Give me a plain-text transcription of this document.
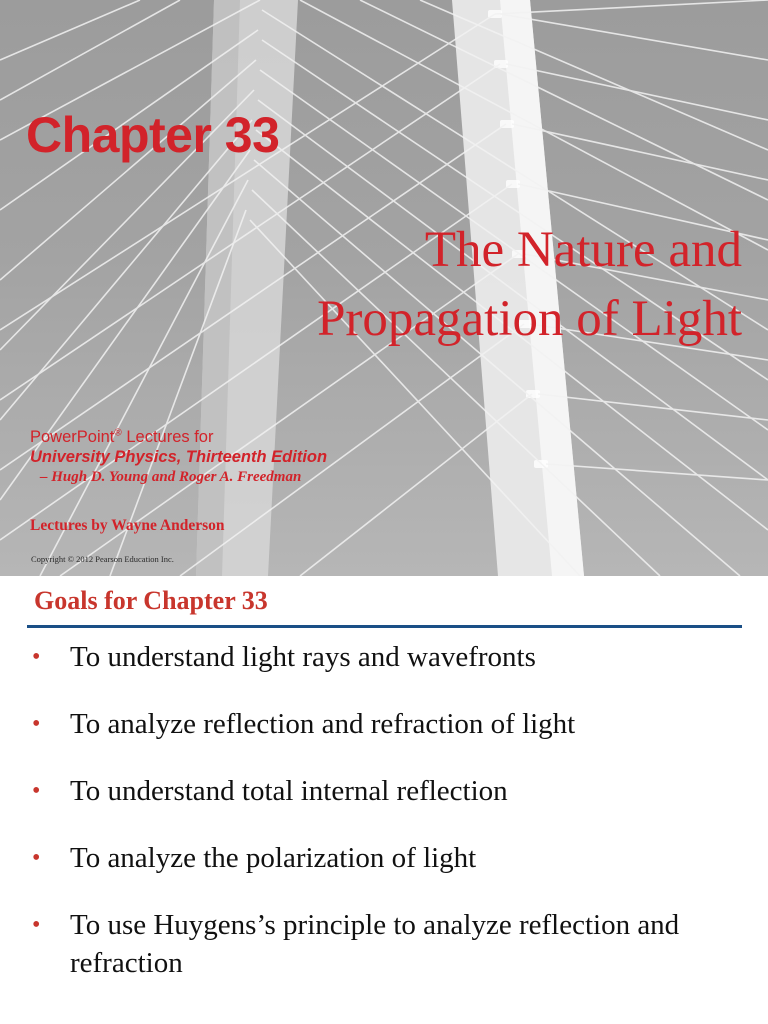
Chapter 33
The Nature and
Propagation of Light
PowerPoint® Lectures for
University Physics, Thirteenth Edition
– Hugh D. Young and Roger A. Freedman
Lectures by Wayne Anderson
Copyright © 2012 Pearson Education Inc.
Goals for Chapter 33
• To understand light rays and wavefronts
• To analyze reflection and refraction of light
• To understand total internal reflection
• To analyze the polarization of light
• To use Huygens’s principle to analyze reflection and refraction
